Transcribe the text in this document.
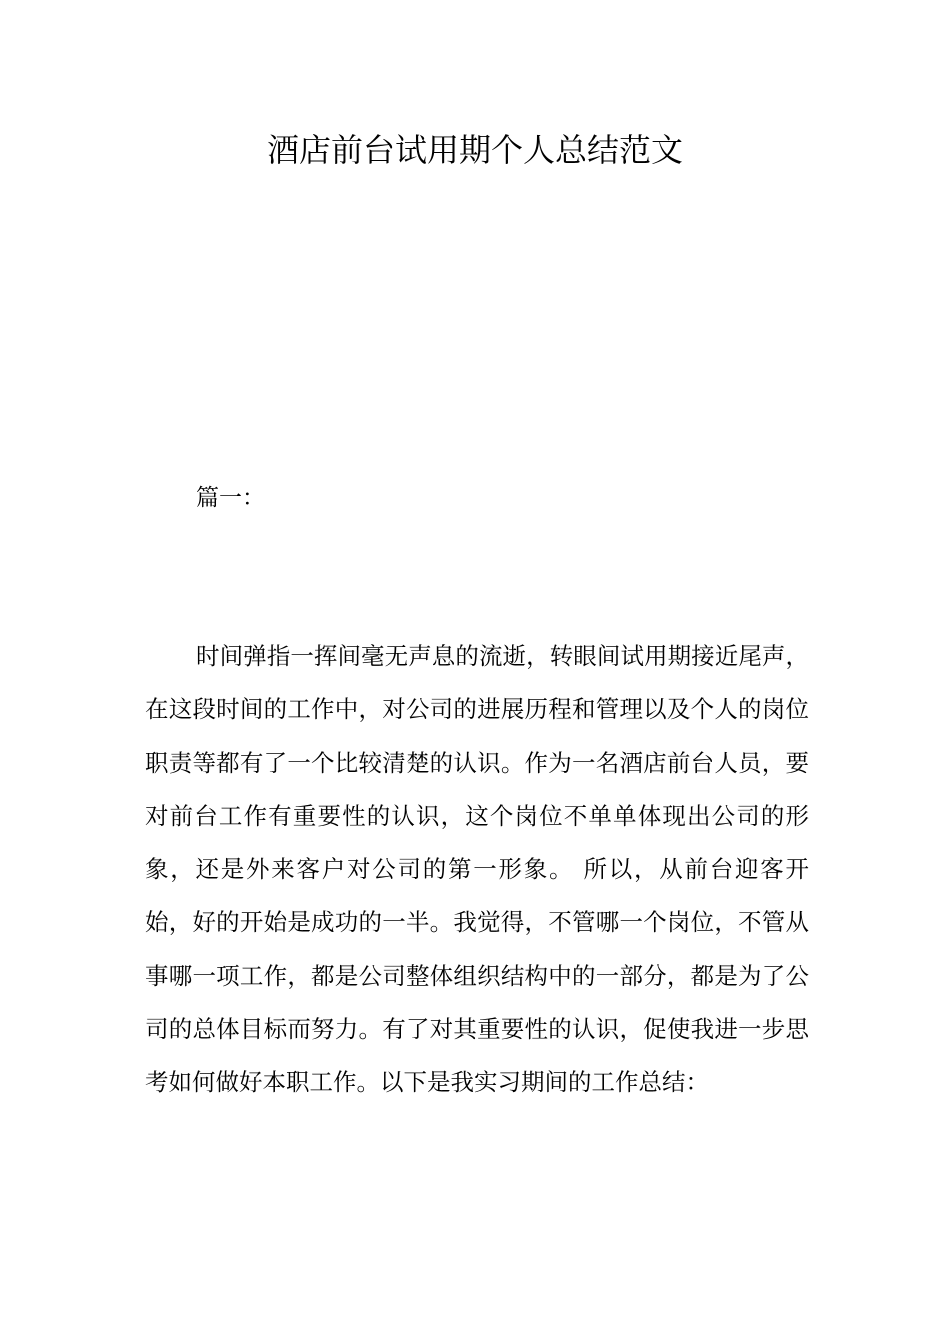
酒店前台试用期个人总结范文

篇一：

时间弹指一挥间毫无声息的流逝，转眼间试用期接近尾声，在这段时间的工作中，对公司的进展历程和管理以及个人的岗位职责等都有了一个比较清楚的认识。作为一名酒店前台人员，要对前台工作有重要性的认识，这个岗位不单单体现出公司的形象，还是外来客户对公司的第一形象。 所以，从前台迎客开始，好的开始是成功的一半。我觉得，不管哪一个岗位，不管从事哪一项工作，都是公司整体组织结构中的一部分，都是为了公司的总体目标而努力。有了对其重要性的认识，促使我进一步思考如何做好本职工作。以下是我实习期间的工作总结：
